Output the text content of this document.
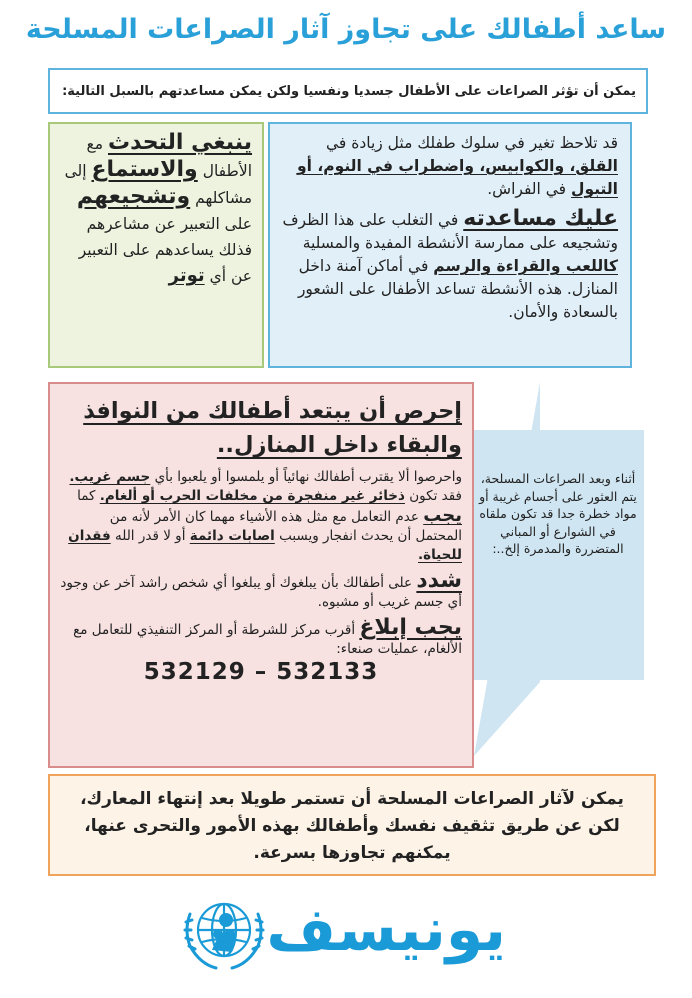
ساعد أطفالك على تجاوز آثار الصراعات المسلحة
يمكن أن تؤثر الصراعات على الأطفال جسديا ونفسيا ولكن يمكن مساعدتهم بالسبل التالية:
قد تلاحظ تغير في سلوك طفلك مثل زيادة في القلق، والكوابيس، واضطراب في النوم، أو التبول في الفراش.
عليك مساعدته في التغلب على هذا الظرف وتشجيعه على ممارسة الأنشطة المفيدة والمسلية كاللعب والقراءة والرسم في أماكن آمنة داخل المنازل. هذه الأنشطة تساعد الأطفال على الشعور بالسعادة والأمان.
ينبغي التحدث مع الأطفال والاستماع إلى مشاكلهم وتشجيعهم على التعبير عن مشاعرهم فذلك يساعدهم على التعبير عن أي توتر
أثناء وبعد الصراعات المسلحة، يتم العثور على أجسام غريبة أو مواد خطرة جدا قد تكون ملقاه في الشوارع أو المباني المتضررة والمدمرة إلخ..:
إحرص أن يبتعد أطفالك من النوافذ والبقاء داخل المنازل..
واحرصوا ألا يقترب أطفالك نهائياً أو يلمسوا أو يلعبوا بأي جسم غريب. فقد تكون ذخائر غير منفجرة من مخلفات الحرب أو ألغام. كما يجب عدم التعامل مع مثل هذه الأشياء مهما كان الأمر لأنه من المحتمل أن يحدث انفجار ويسبب اصابات دائمة أو لا قدر الله فقدان للحياة.
شدد على أطفالك بأن يبلغوك أو يبلغوا أي شخص راشد آخر عن وجود أي جسم غريب أو مشبوه.
يجب إبلاغ أقرب مركز للشرطة أو المركز التنفيذي للتعامل مع الألغام، عمليات صنعاء:
532129 – 532133
يمكن لآثار الصراعات المسلحة أن تستمر طويلا بعد إنتهاء المعارك، لكن عن طريق تثقيف نفسك وأطفالك بهذه الأمور والتحرى عنها، يمكنهم تجاوزها بسرعة.
يونيسف
